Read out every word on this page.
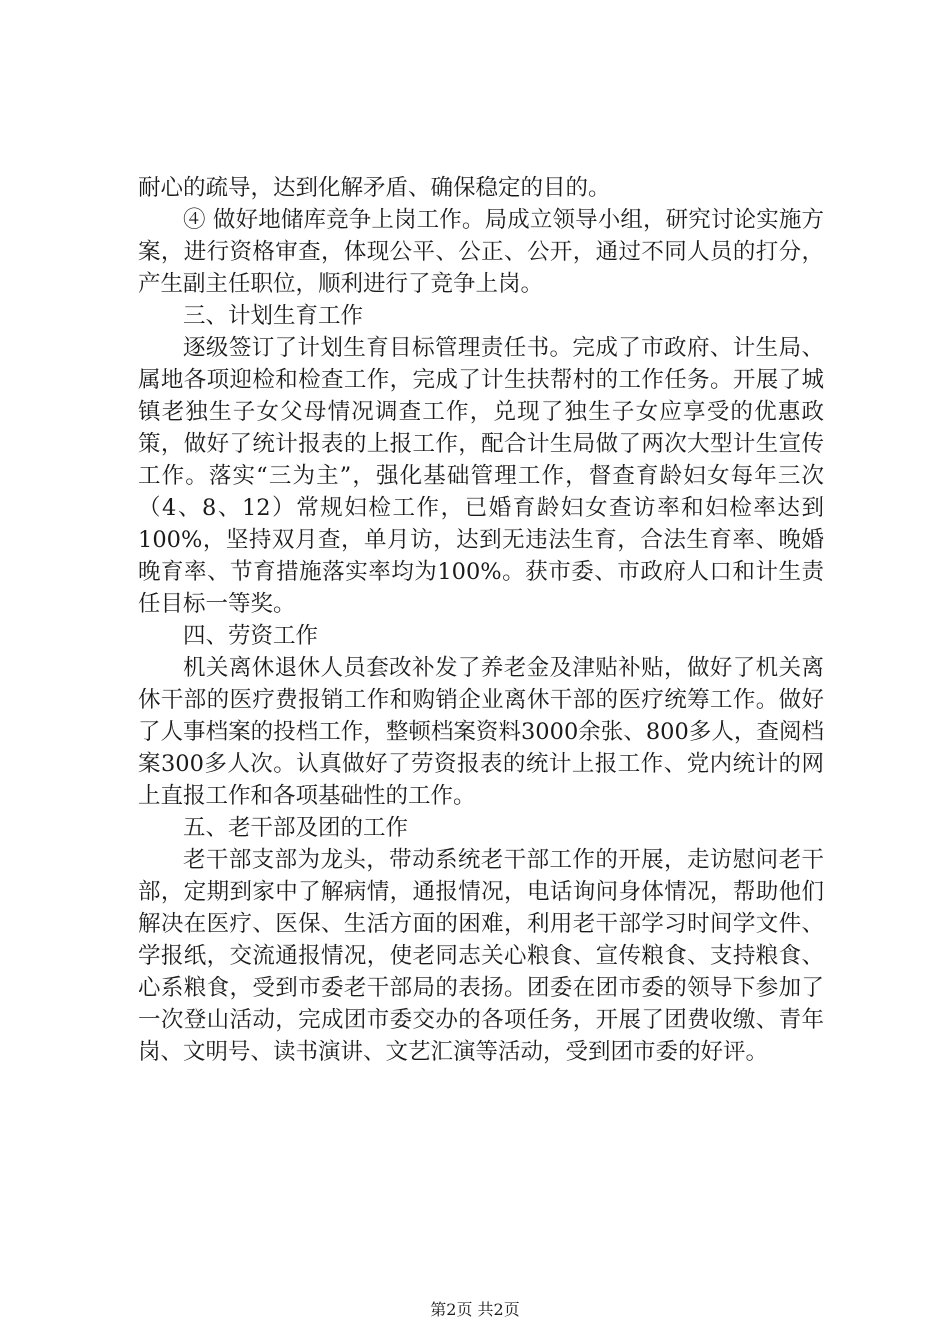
耐心的疏导，达到化解矛盾、确保稳定的目的。

④ 做好地储库竞争上岗工作。局成立领导小组，研究讨论实施方案，进行资格审查，体现公平、公正、公开，通过不同人员的打分，产生副主任职位，顺利进行了竞争上岗。

三、计划生育工作

逐级签订了计划生育目标管理责任书。完成了市政府、计生局、属地各项迎检和检查工作，完成了计生扶帮村的工作任务。开展了城镇老独生子女父母情况调查工作，兑现了独生子女应享受的优惠政策，做好了统计报表的上报工作，配合计生局做了两次大型计生宣传工作。落实“三为主”，强化基础管理工作，督查育龄妇女每年三次（4、8、12）常规妇检工作，已婚育龄妇女查访率和妇检率达到100%，坚持双月查，单月访，达到无违法生育，合法生育率、晚婚晚育率、节育措施落实率均为100%。获市委、市政府人口和计生责任目标一等奖。

四、劳资工作

机关离休退休人员套改补发了养老金及津贴补贴，做好了机关离休干部的医疗费报销工作和购销企业离休干部的医疗统筹工作。做好了人事档案的投档工作，整顿档案资料3000余张、800多人，查阅档案300多人次。认真做好了劳资报表的统计上报工作、党内统计的网上直报工作和各项基础性的工作。

五、老干部及团的工作

老干部支部为龙头，带动系统老干部工作的开展，走访慰问老干部，定期到家中了解病情，通报情况，电话询问身体情况，帮助他们解决在医疗、医保、生活方面的困难，利用老干部学习时间学文件、学报纸，交流通报情况，使老同志关心粮食、宣传粮食、支持粮食、心系粮食，受到市委老干部局的表扬。团委在团市委的领导下参加了一次登山活动，完成团市委交办的各项任务，开展了团费收缴、青年岗、文明号、读书演讲、文艺汇演等活动，受到团市委的好评。

第2页 共2页
